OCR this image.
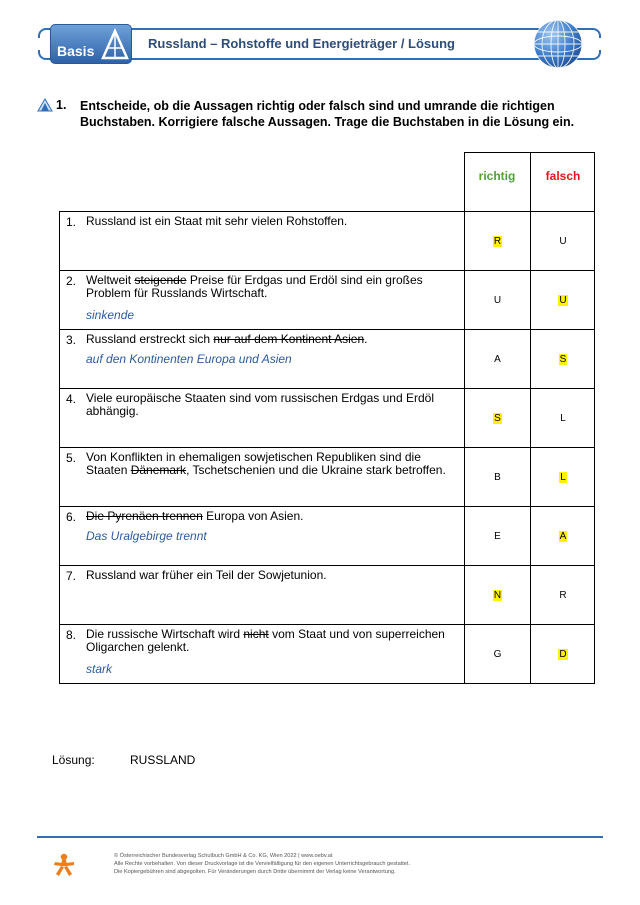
Basis	Russland – Rohstoffe und Energieträger / Lösung
1. Entscheide, ob die Aussagen richtig oder falsch sind und umrande die richtigen Buchstaben. Korrigiere falsche Aussagen. Trage die Buchstaben in die Lösung ein.
richtig	falsch
1. Russland ist ein Staat mit sehr vielen Rohstoffen.
R	U
2. Weltweit steigende Preise für Erdgas und Erdöl sind ein großes Problem für Russlands Wirtschaft.
sinkende
U	U
3. Russland erstreckt sich nur auf dem Kontinent Asien.
auf den Kontinenten Europa und Asien	A	S
4. Viele europäische Staaten sind vom russischen Erdgas und Erdöl abhängig.
S	L
5. Von Konflikten in ehemaligen sowjetischen Republiken sind die Staaten Dänemark, Tschetschenien und die Ukraine stark betroffen.
B	L
6. Die Pyrenäen trennen Europa von Asien.
Das Uralgebirge trennt	E	A
7. Russland war früher ein Teil der Sowjetunion.
N	R
8. Die russische Wirtschaft wird nicht vom Staat und von superreichen Oligarchen gelenkt.
stark
G	D
Lösung:	RUSSLAND
© Österreichischer Bundesverlag Schulbuch GmbH & Co. KG, Wien 2022 | www.oebv.at
Alle Rechte vorbehalten. Von dieser Druckvorlage ist die Vervielfältigung für den eigenen Unterrichtsgebrauch gestattet.
Die Kopiergebühren sind abgegolten. Für Veränderungen durch Dritte übernimmt der Verlag keine Verantwortung.
